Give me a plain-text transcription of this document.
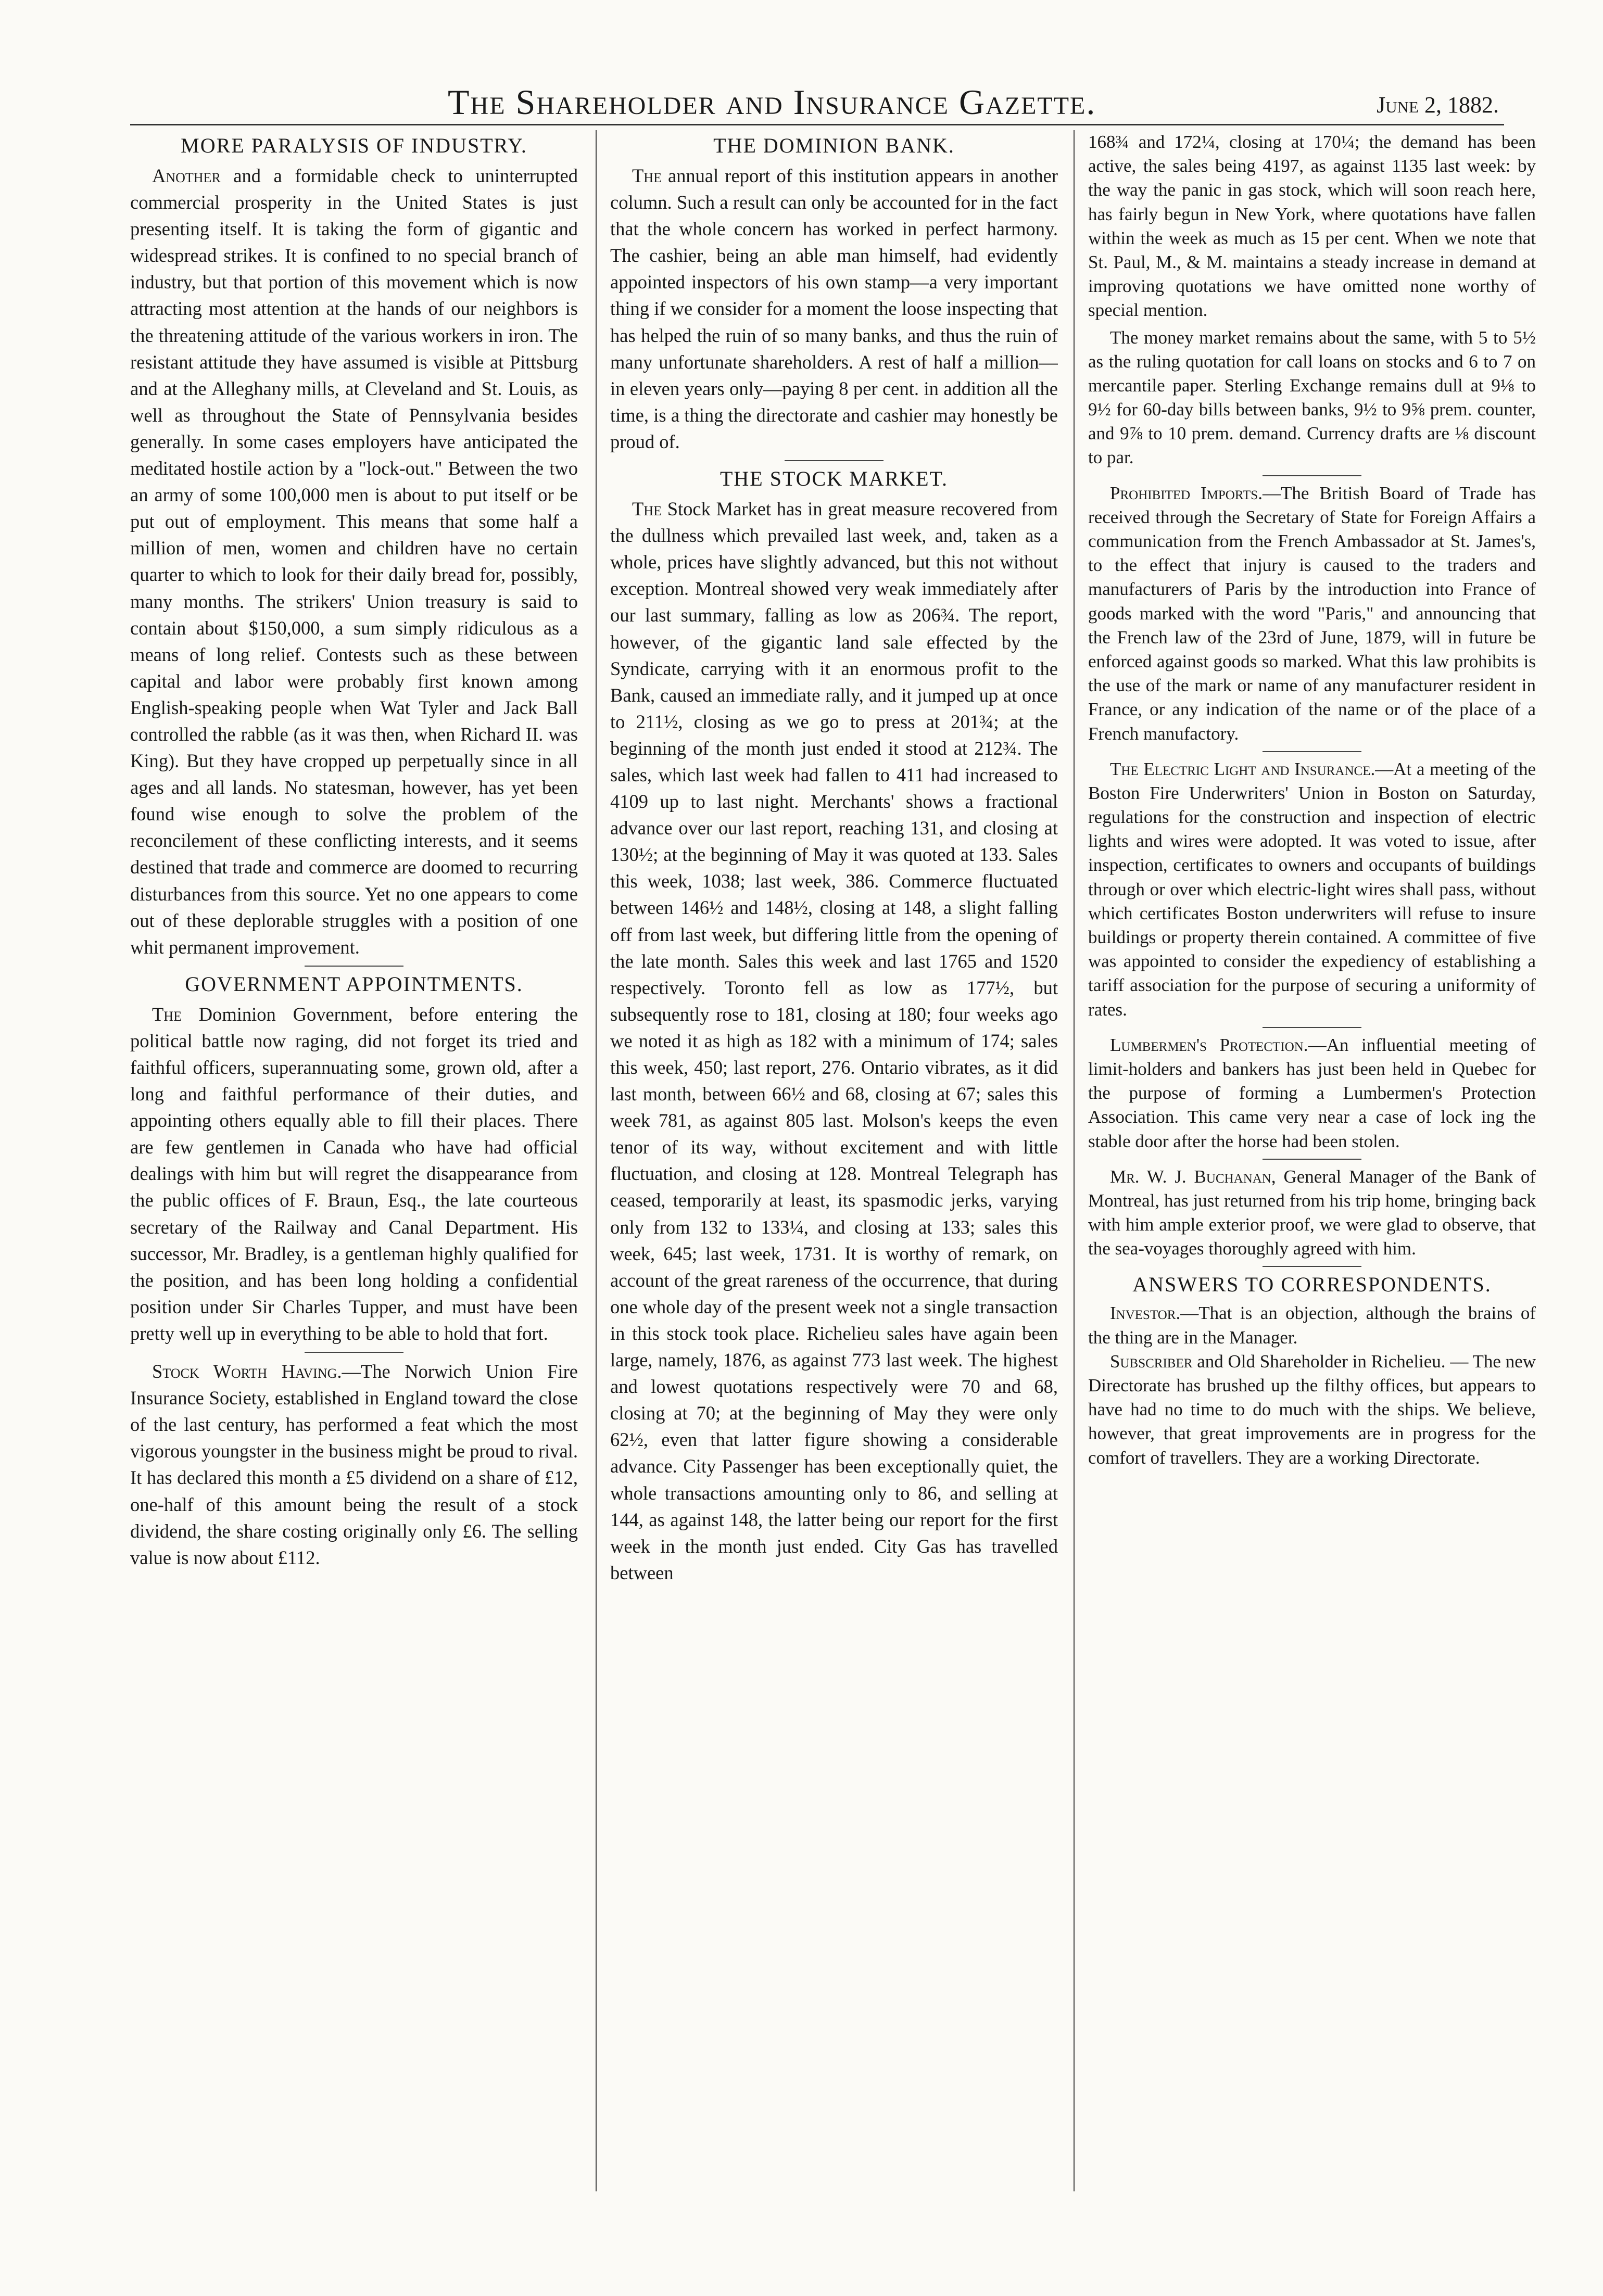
The Shareholder and Insurance Gazette.	June 2, 1882.
MORE PARALYSIS OF INDUSTRY.

Another and a formidable check to uninterrupted commercial prosperity in the United States is just presenting itself. It is taking the form of gigantic and widespread strikes. It is confined to no special branch of industry, but that portion of this movement which is now attracting most attention at the hands of our neighbors is the threatening attitude of the various workers in iron. The resistant attitude they have assumed is visible at Pittsburg and at the Alleghany mills, at Cleveland and St. Louis, as well as throughout the State of Pennsylvania besides generally. In some cases employers have anticipated the meditated hostile action by a "lock-out." Between the two an army of some 100,000 men is about to put itself or be put out of employment. This means that some half a million of men, women and children have no certain quarter to which to look for their daily bread for, possibly, many months. The strikers' Union treasury is said to contain about $150,000, a sum simply ridiculous as a means of long relief. Contests such as these between capital and labor were probably first known among English-speaking people when Wat Tyler and Jack Ball controlled the rabble (as it was then, when Richard II. was King). But they have cropped up perpetually since in all ages and all lands. No statesman, however, has yet been found wise enough to solve the problem of the reconcilement of these conflicting interests, and it seems destined that trade and commerce are doomed to recurring disturbances from this source. Yet no one appears to come out of these deplorable struggles with a position of one whit permanent improvement.

GOVERNMENT APPOINTMENTS.

The Dominion Government, before entering the political battle now raging, did not forget its tried and faithful officers, superannuating some, grown old, after a long and faithful performance of their duties, and appointing others equally able to fill their places. There are few gentlemen in Canada who have had official dealings with him but will regret the disappearance from the public offices of F. Braun, Esq., the late courteous secretary of the Railway and Canal Department. His successor, Mr. Bradley, is a gentleman highly qualified for the position, and has been long holding a confidential position under Sir Charles Tupper, and must have been pretty well up in everything to be able to hold that fort.

Stock Worth Having.—The Norwich Union Fire Insurance Society, established in England toward the close of the last century, has performed a feat which the most vigorous youngster in the business might be proud to rival. It has declared this month a £5 dividend on a share of £12, one-half of this amount being the result of a stock dividend, the share costing originally only £6. The selling value is now about £112.

THE DOMINION BANK.

The annual report of this institution appears in another column. Such a result can only be accounted for in the fact that the whole concern has worked in perfect harmony. The cashier, being an able man himself, had evidently appointed inspectors of his own stamp—a very important thing if we consider for a moment the loose inspecting that has helped the ruin of so many banks, and thus the ruin of many unfortunate shareholders. A rest of half a million—in eleven years only—paying 8 per cent. in addition all the time, is a thing the directorate and cashier may honestly be proud of.

THE STOCK MARKET.

The Stock Market has in great measure recovered from the dullness which prevailed last week, and, taken as a whole, prices have slightly advanced, but this not without exception. Montreal showed very weak immediately after our last summary, falling as low as 206¾. The report, however, of the gigantic land sale effected by the Syndicate, carrying with it an enormous profit to the Bank, caused an immediate rally, and it jumped up at once to 211½, closing as we go to press at 201¾; at the beginning of the month just ended it stood at 212¾. The sales, which last week had fallen to 411 had increased to 4109 up to last night. Merchants' shows a fractional advance over our last report, reaching 131, and closing at 130½; at the beginning of May it was quoted at 133. Sales this week, 1038; last week, 386. Commerce fluctuated between 146½ and 148½, closing at 148, a slight falling off from last week, but differing little from the opening of the late month. Sales this week and last 1765 and 1520 respectively. Toronto fell as low as 177½, but subsequently rose to 181, closing at 180; four weeks ago we noted it as high as 182 with a minimum of 174; sales this week, 450; last report, 276. Ontario vibrates, as it did last month, between 66½ and 68, closing at 67; sales this week 781, as against 805 last. Molson's keeps the even tenor of its way, without excitement and with little fluctuation, and closing at 128. Montreal Telegraph has ceased, temporarily at least, its spasmodic jerks, varying only from 132 to 133¼, and closing at 133; sales this week, 645; last week, 1731. It is worthy of remark, on account of the great rareness of the occurrence, that during one whole day of the present week not a single transaction in this stock took place. Richelieu sales have again been large, namely, 1876, as against 773 last week. The highest and lowest quotations respectively were 70 and 68, closing at 70; at the beginning of May they were only 62½, even that latter figure showing a considerable advance. City Passenger has been exceptionally quiet, the whole transactions amounting only to 86, and selling at 144, as against 148, the latter being our report for the first week in the month just ended. City Gas has travelled between

168¾ and 172¼, closing at 170¼; the demand has been active, the sales being 4197, as against 1135 last week: by the way the panic in gas stock, which will soon reach here, has fairly begun in New York, where quotations have fallen within the week as much as 15 per cent. When we note that St. Paul, M., & M. maintains a steady increase in demand at improving quotations we have omitted none worthy of special mention.

The money market remains about the same, with 5 to 5½ as the ruling quotation for call loans on stocks and 6 to 7 on mercantile paper. Sterling Exchange remains dull at 9⅛ to 9½ for 60-day bills between banks, 9½ to 9⅝ prem. counter, and 9⅞ to 10 prem. demand. Currency drafts are ⅛ discount to par.

Prohibited Imports.—The British Board of Trade has received through the Secretary of State for Foreign Affairs a communication from the French Ambassador at St. James's, to the effect that injury is caused to the traders and manufacturers of Paris by the introduction into France of goods marked with the word "Paris," and announcing that the French law of the 23rd of June, 1879, will in future be enforced against goods so marked. What this law prohibits is the use of the mark or name of any manufacturer resident in France, or any indication of the name or of the place of a French manufactory.

The Electric Light and Insurance.—At a meeting of the Boston Fire Underwriters' Union in Boston on Saturday, regulations for the construction and inspection of electric lights and wires were adopted. It was voted to issue, after inspection, certificates to owners and occupants of buildings through or over which electric-light wires shall pass, without which certificates Boston underwriters will refuse to insure buildings or property therein contained. A committee of five was appointed to consider the expediency of establishing a tariff association for the purpose of securing a uniformity of rates.

Lumbermen's Protection.—An influential meeting of limit-holders and bankers has just been held in Quebec for the purpose of forming a Lumbermen's Protection Association. This came very near a case of lock ing the stable door after the horse had been stolen.

Mr. W. J. Buchanan, General Manager of the Bank of Montreal, has just returned from his trip home, bringing back with him ample exterior proof, we were glad to observe, that the sea-voyages thoroughly agreed with him.

ANSWERS TO CORRESPONDENTS.

Investor.—That is an objection, although the brains of the thing are in the Manager.

Subscriber and Old Shareholder in Richelieu. — The new Directorate has brushed up the filthy offices, but appears to have had no time to do much with the ships. We believe, however, that great improvements are in progress for the comfort of travellers. They are a working Directorate.
